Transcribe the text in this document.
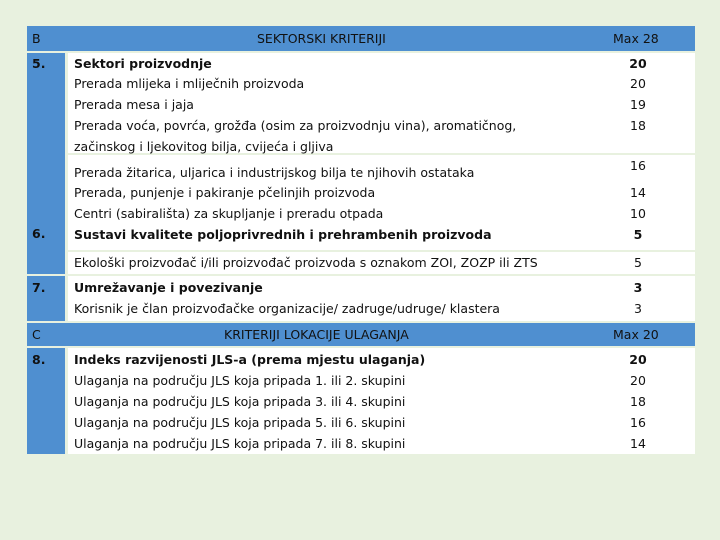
B	SEKTORSKI KRITERIJI	Max 28
5. Sektori proizvodnje	20
Prerada mlijeka i mliječnih proizvoda	20
Prerada mesa i jaja	19
Prerada voća, povrća, grožđa (osim za proizvodnju vina), aromatičnog,	18
začinskog i ljekovitog bilja, cvijeća i gljiva
Prerada žitarica, uljarica i industrijskog bilja te njihovih ostataka	16
Prerada, punjenje i pakiranje pčelinjih proizvoda	14
Centri (sabirališta) za skupljanje i preradu otpada	10
6. Sustavi kvalitete poljoprivrednih i prehrambenih proizvoda	5
Ekološki proizvođač i/ili proizvođač proizvoda s oznakom ZOI, ZOZP ili ZTS	5
7. Umrežavanje i povezivanje	3
Korisnik je član proizvođačke organizacije/ zadruge/udruge/ klastera	3
C	KRITERIJI LOKACIJE ULAGANJA	Max 20
8. Indeks razvijenosti JLS-a (prema mjestu ulaganja)	20
Ulaganja na području JLS koja pripada 1. ili 2. skupini	20
Ulaganja na području JLS koja pripada 3. ili 4. skupini	18
Ulaganja na području JLS koja pripada 5. ili 6. skupini	16
Ulaganja na području JLS koja pripada 7. ili 8. skupini	14
